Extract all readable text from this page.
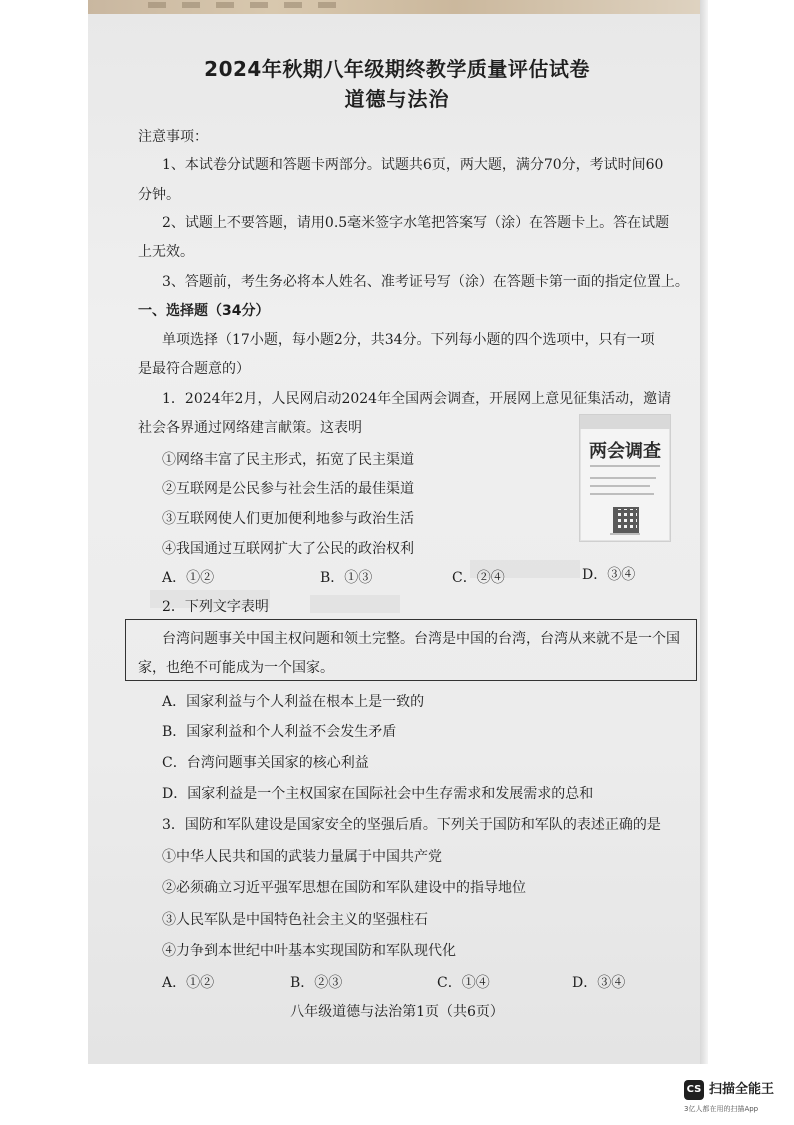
2024年秋期八年级期终教学质量评估试卷
道德与法治
注意事项：
1、本试卷分试题和答题卡两部分。试题共6页，两大题，满分70分，考试时间60
分钟。
2、试题上不要答题，请用0.5毫米签字水笔把答案写（涂）在答题卡上。答在试题
上无效。
3、答题前，考生务必将本人姓名、准考证号写（涂）在答题卡第一面的指定位置上。
一、选择题（34分）
单项选择（17小题，每小题2分，共34分。下列每小题的四个选项中，只有一项
是最符合题意的）
1．2024年2月，人民网启动2024年全国两会调查，开展网上意见征集活动，邀请
社会各界通过网络建言献策。这表明
①网络丰富了民主形式，拓宽了民主渠道
②互联网是公民参与社会生活的最佳渠道
③互联网使人们更加便利地参与政治生活
④我国通过互联网扩大了公民的政治权利
A．①②	B．①③	C．②④	D．③④
两会调查
2．下列文字表明
台湾问题事关中国主权问题和领土完整。台湾是中国的台湾，台湾从来就不是一个国
家，也绝不可能成为一个国家。
A．国家利益与个人利益在根本上是一致的
B．国家利益和个人利益不会发生矛盾
C．台湾问题事关国家的核心利益
D．国家利益是一个主权国家在国际社会中生存需求和发展需求的总和
3．国防和军队建设是国家安全的坚强后盾。下列关于国防和军队的表述正确的是
①中华人民共和国的武装力量属于中国共产党
②必须确立习近平强军思想在国防和军队建设中的指导地位
③人民军队是中国特色社会主义的坚强柱石
④力争到本世纪中叶基本实现国防和军队现代化
A．①②	B．②③	C．①④	D．③④
八年级道德与法治第1页（共6页）
CS 扫描全能王
3亿人都在用的扫描App
